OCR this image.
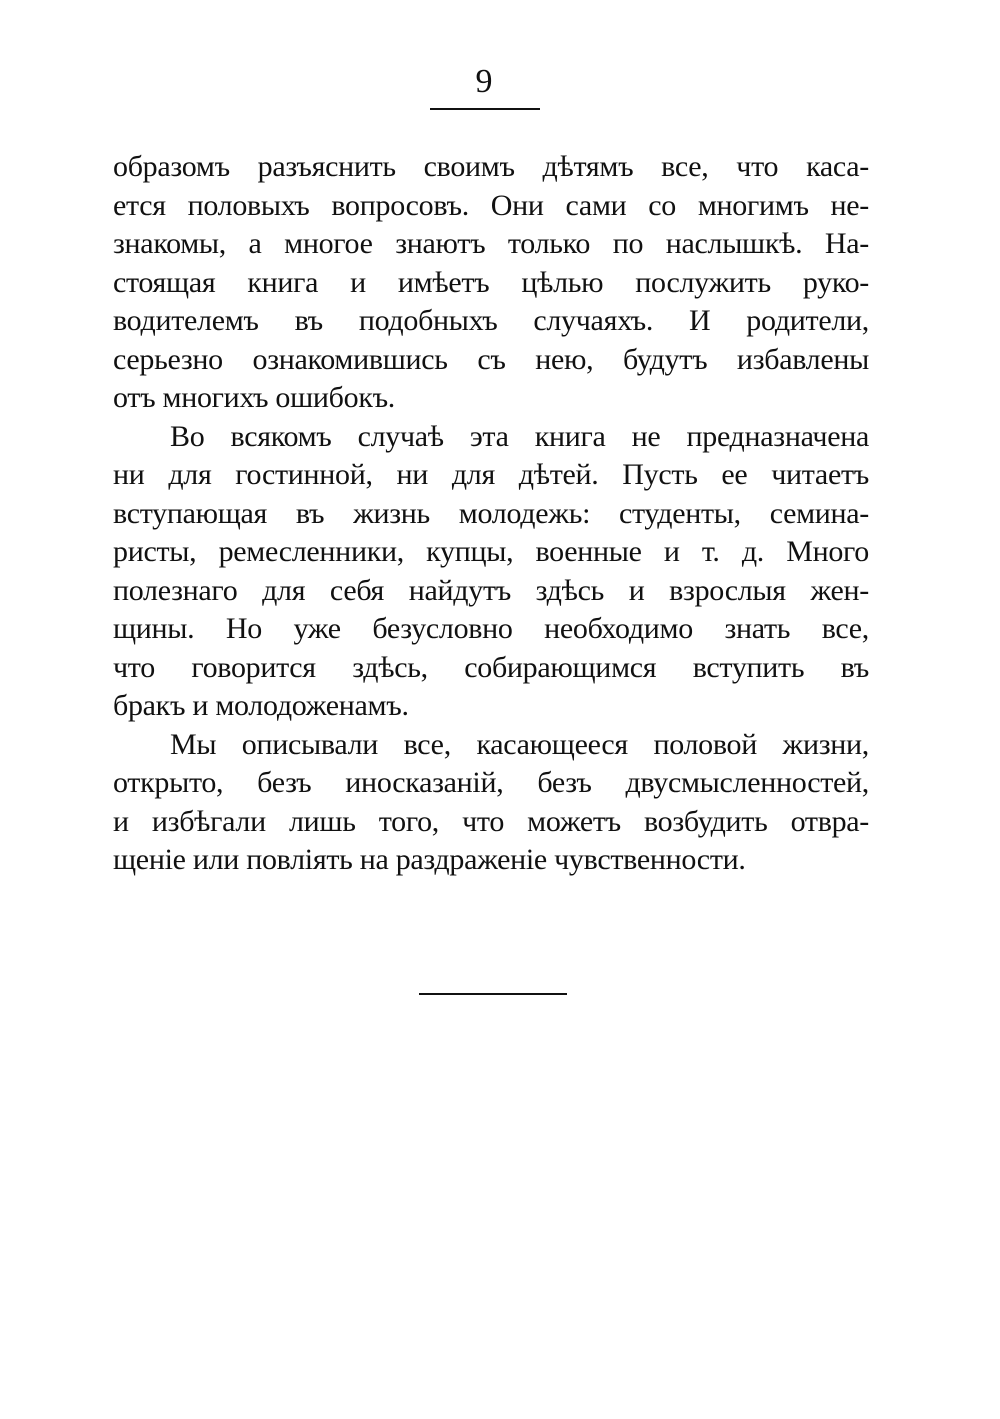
9
образомъ разъяснить своимъ дѣтямъ все, что каса-
ется половыхъ вопросовъ. Они сами со многимъ не-
знакомы, а многое знаютъ только по наслышкѣ. На-
стоящая книга и имѣетъ цѣлью послужить руко-
водителемъ въ подобныхъ случаяхъ. И родители,
серьезно ознакомившись съ нею, будутъ избавлены
отъ многихъ ошибокъ.
Во всякомъ случаѣ эта книга не предназначена
ни для гостинной, ни для дѣтей. Пусть ее читаетъ
вступающая въ жизнь молодежь: студенты, семина-
ристы, ремесленники, купцы, военные и т. д. Много
полезнаго для себя найдутъ здѣсь и взрослыя жен-
щины. Но уже безусловно необходимо знать все,
что говорится здѣсь, собирающимся вступить въ
бракъ и молодоженамъ.
Мы описывали все, касающееся половой жизни,
открыто, безъ иносказаній, безъ двусмысленностей,
и избѣгали лишь того, что можетъ возбудить отвра-
щеніе или повліять на раздраженіе чувственности.
